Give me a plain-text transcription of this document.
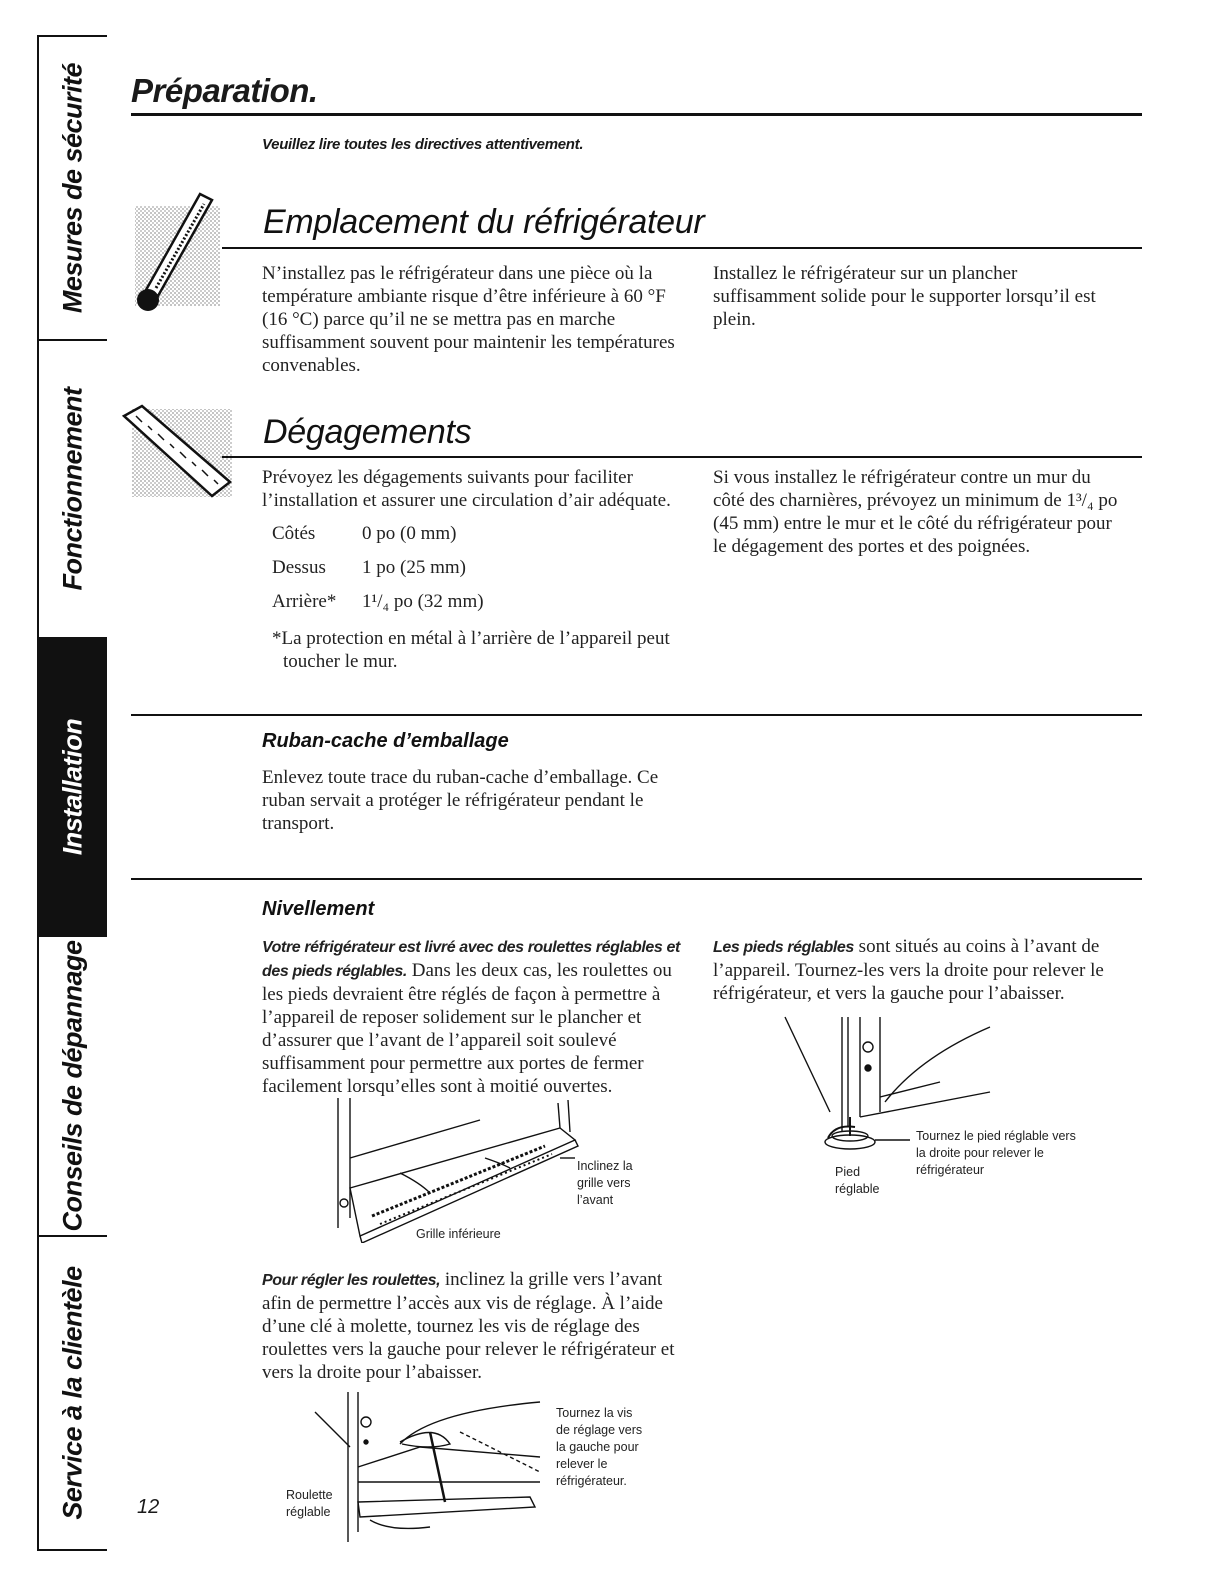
Mesures de sécurité
Fonctionnement
Installation
Conseils de dépannage
Service à la clientèle
Préparation.
Veuillez lire toutes les directives attentivement.
Emplacement du réfrigérateur
N’installez pas le réfrigérateur dans une pièce où la température ambiante risque d’être inférieure à 60 °F (16 °C) parce qu’il ne se mettra pas en marche suffisamment souvent pour maintenir les températures convenables.
Installez le réfrigérateur sur un plancher suffisamment solide pour le supporter lorsqu’il est plein.
Dégagements
Prévoyez les dégagements suivants pour faciliter l’installation et assurer une circulation d’air adéquate.
Côtés	0 po (0 mm)
Dessus	1 po (25 mm)
Arrière*	1¹/₄ po (32 mm)
*La protection en métal à l’arrière de l’appareil peut toucher le mur.
Si vous installez le réfrigérateur contre un mur du côté des charnières, prévoyez un minimum de 1³/₄ po (45 mm) entre le mur et le côté du réfrigérateur pour le dégagement des portes et des poignées.
Ruban-cache d’emballage
Enlevez toute trace du ruban-cache d’emballage. Ce ruban servait a protéger le réfrigérateur pendant le transport.
Nivellement
Votre réfrigérateur est livré avec des roulettes réglables et des pieds réglables. Dans les deux cas, les roulettes ou les pieds devraient être réglés de façon à permettre à l’appareil de reposer solidement sur le plancher et d’assurer que l’avant de l’appareil soit soulevé suffisamment pour permettre aux portes de fermer facilement lorsqu’elles sont à moitié ouvertes.
Inclinez la grille vers l’avant
Grille inférieure
Pour régler les roulettes, inclinez la grille vers l’avant afin de permettre l’accès aux vis de réglage. À l’aide d’une clé à molette, tournez les vis de réglage des roulettes vers la gauche pour relever le réfrigérateur et vers la droite pour l’abaisser.
Tournez la vis de réglage vers la gauche pour relever le réfrigérateur.
Roulette réglable
Les pieds réglables sont situés au coins à l’avant de l’appareil. Tournez-les vers la droite pour relever le réfrigérateur, et vers la gauche pour l’abaisser.
Tournez le pied réglable vers la droite pour relever le réfrigérateur
Pied réglable
12
